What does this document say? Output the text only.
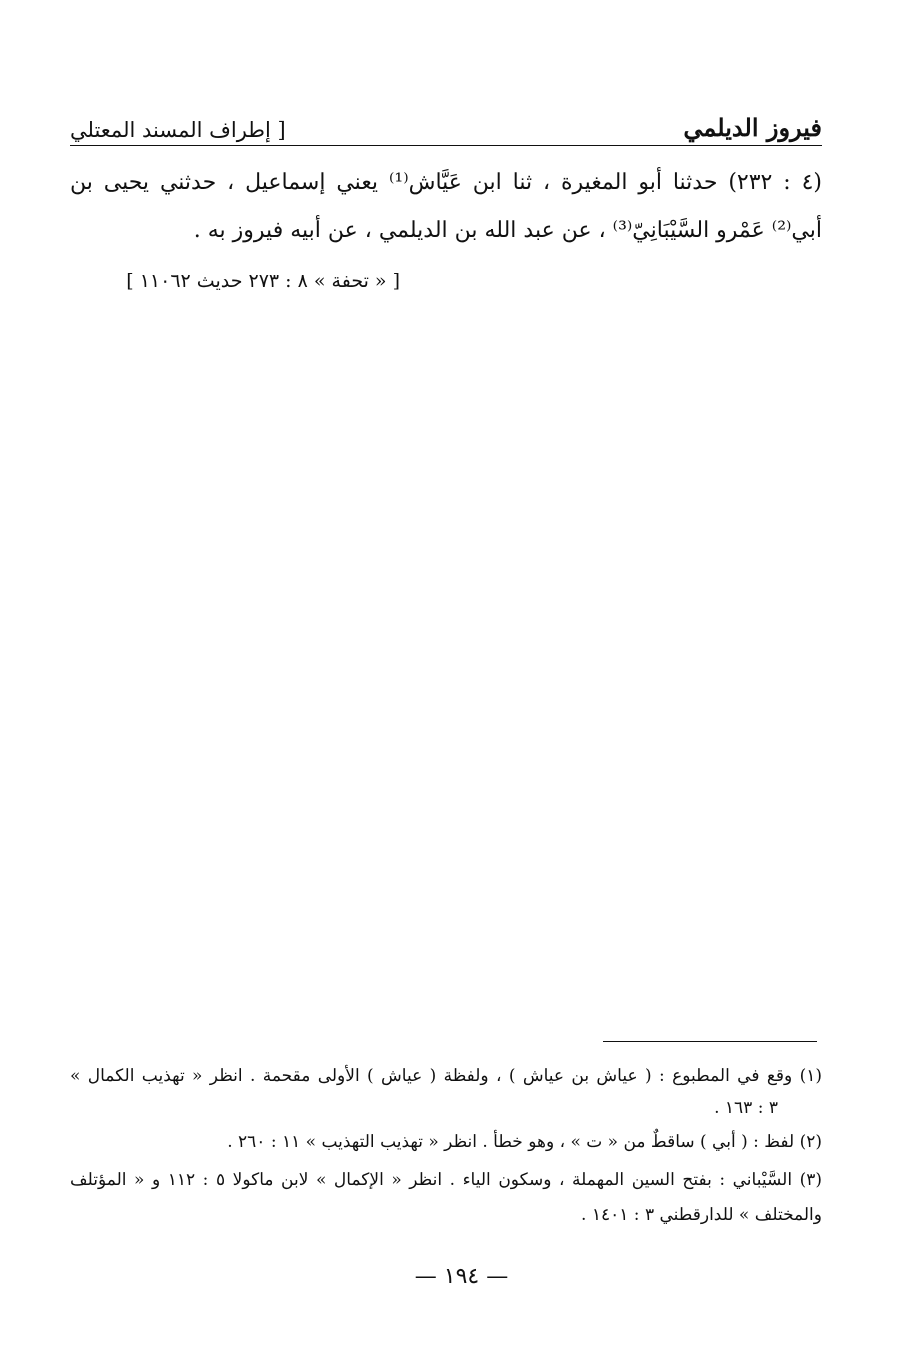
فيروز الديلمي
[ إطراف المسند المعتلي
(٤ : ٢٣٢) حدثنا أبو المغيرة ، ثنا ابن عَيَّاش⁽¹⁾ يعني إسماعيل ، حدثني يحيى بن
أبي⁽²⁾ عَمْرو السَّيْبَانِيّ⁽³⁾ ، عن عبد الله بن الديلمي ، عن أبيه فيروز به .
[ « تحفة » ٨ : ٢٧٣ حديث ١١٠٦٢ ]
(١) وقع في المطبوع : ( عياش بن عياش ) ، ولفظة ( عياش ) الأولى مقحمة . انظر « تهذيب الكمال »
٣ : ١٦٣ .
(٢) لفظ : ( أبي ) ساقطٌ من « ت » ، وهو خطأ . انظر « تهذيب التهذيب » ١١ : ٢٦٠ .
(٣) السَّيْباني : بفتح السين المهملة ، وسكون الياء . انظر « الإكمال » لابن ماكولا ٥ : ١١٢ و « المؤتلف
والمختلف » للدارقطني ٣ : ١٤٠١ .
— ١٩٤ —
